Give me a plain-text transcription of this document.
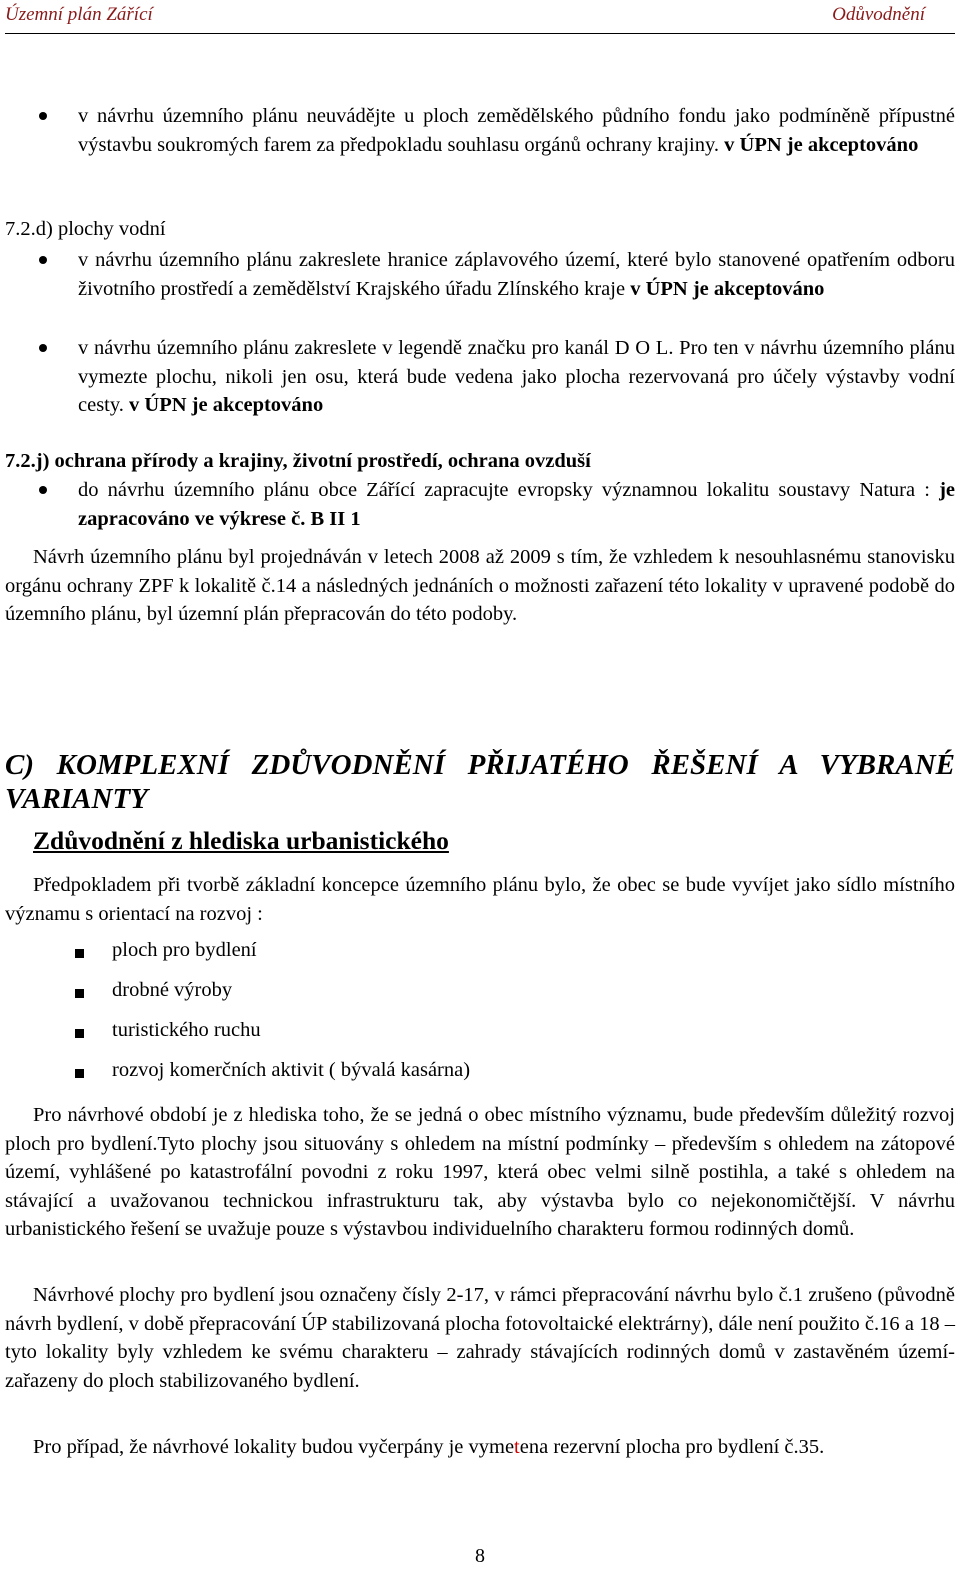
Územní plán Zářící	Odůvodnění
v návrhu územního plánu neuvádějte u ploch zemědělského půdního fondu jako podmíněně přípustné výstavbu soukromých farem za předpokladu souhlasu orgánů ochrany krajiny. v ÚPN je akceptováno
7.2.d) plochy vodní
v návrhu územního plánu zakreslete hranice záplavového území, které bylo stanovené opatřením odboru životního prostředí a zemědělství Krajského úřadu Zlínského kraje v ÚPN je akceptováno
v návrhu územního plánu zakreslete v legendě značku pro kanál D O L. Pro ten v návrhu územního plánu vymezte plochu, nikoli jen osu, která bude vedena jako plocha rezervovaná pro účely výstavby vodní cesty. v ÚPN je akceptováno
7.2.j) ochrana přírody a krajiny, životní prostředí, ochrana ovzduší
do návrhu územního plánu obce Zářící zapracujte evropsky významnou lokalitu soustavy Natura : je zapracováno ve výkrese č. B II 1
Návrh územního plánu byl projednáván v letech 2008 až 2009 s tím, že vzhledem k nesouhlasnému stanovisku orgánu ochrany ZPF k lokalitě č.14 a následných jednáních o možnosti zařazení této lokality v upravené podobě do územního plánu, byl územní plán přepracován do této podoby.
C) KOMPLEXNÍ ZDŮVODNĚNÍ PŘIJATÉHO ŘEŠENÍ A VYBRANÉ VARIANTY
Zdůvodnění z hlediska urbanistického
Předpokladem při tvorbě základní koncepce územního plánu bylo, že obec se bude vyvíjet jako sídlo místního významu s orientací na rozvoj :
ploch pro bydlení
drobné výroby
turistického ruchu
rozvoj komerčních aktivit ( bývalá kasárna)
Pro návrhové období je z hlediska toho, že se jedná o obec místního významu, bude především důležitý rozvoj ploch pro bydlení.Tyto plochy jsou situovány s ohledem na místní podmínky – především s ohledem na zátopové území, vyhlášené po katastrofální povodni z roku 1997, která obec velmi silně postihla, a také s ohledem na stávající a uvažovanou technickou infrastrukturu tak, aby výstavba bylo co nejekonomičtější. V návrhu urbanistického řešení se uvažuje pouze s výstavbou individuelního charakteru formou rodinných domů.
Návrhové plochy pro bydlení jsou označeny čísly 2-17, v rámci přepracování návrhu bylo č.1 zrušeno (původně návrh bydlení, v době přepracování ÚP stabilizovaná plocha fotovoltaické elektrárny), dále není použito č.16 a 18 – tyto lokality byly vzhledem ke svému charakteru – zahrady stávajících rodinných domů v zastavěném území- zařazeny do ploch stabilizovaného bydlení.
Pro případ, že návrhové lokality budou vyčerpány je vymetena rezervní plocha pro bydlení č.35.
8
